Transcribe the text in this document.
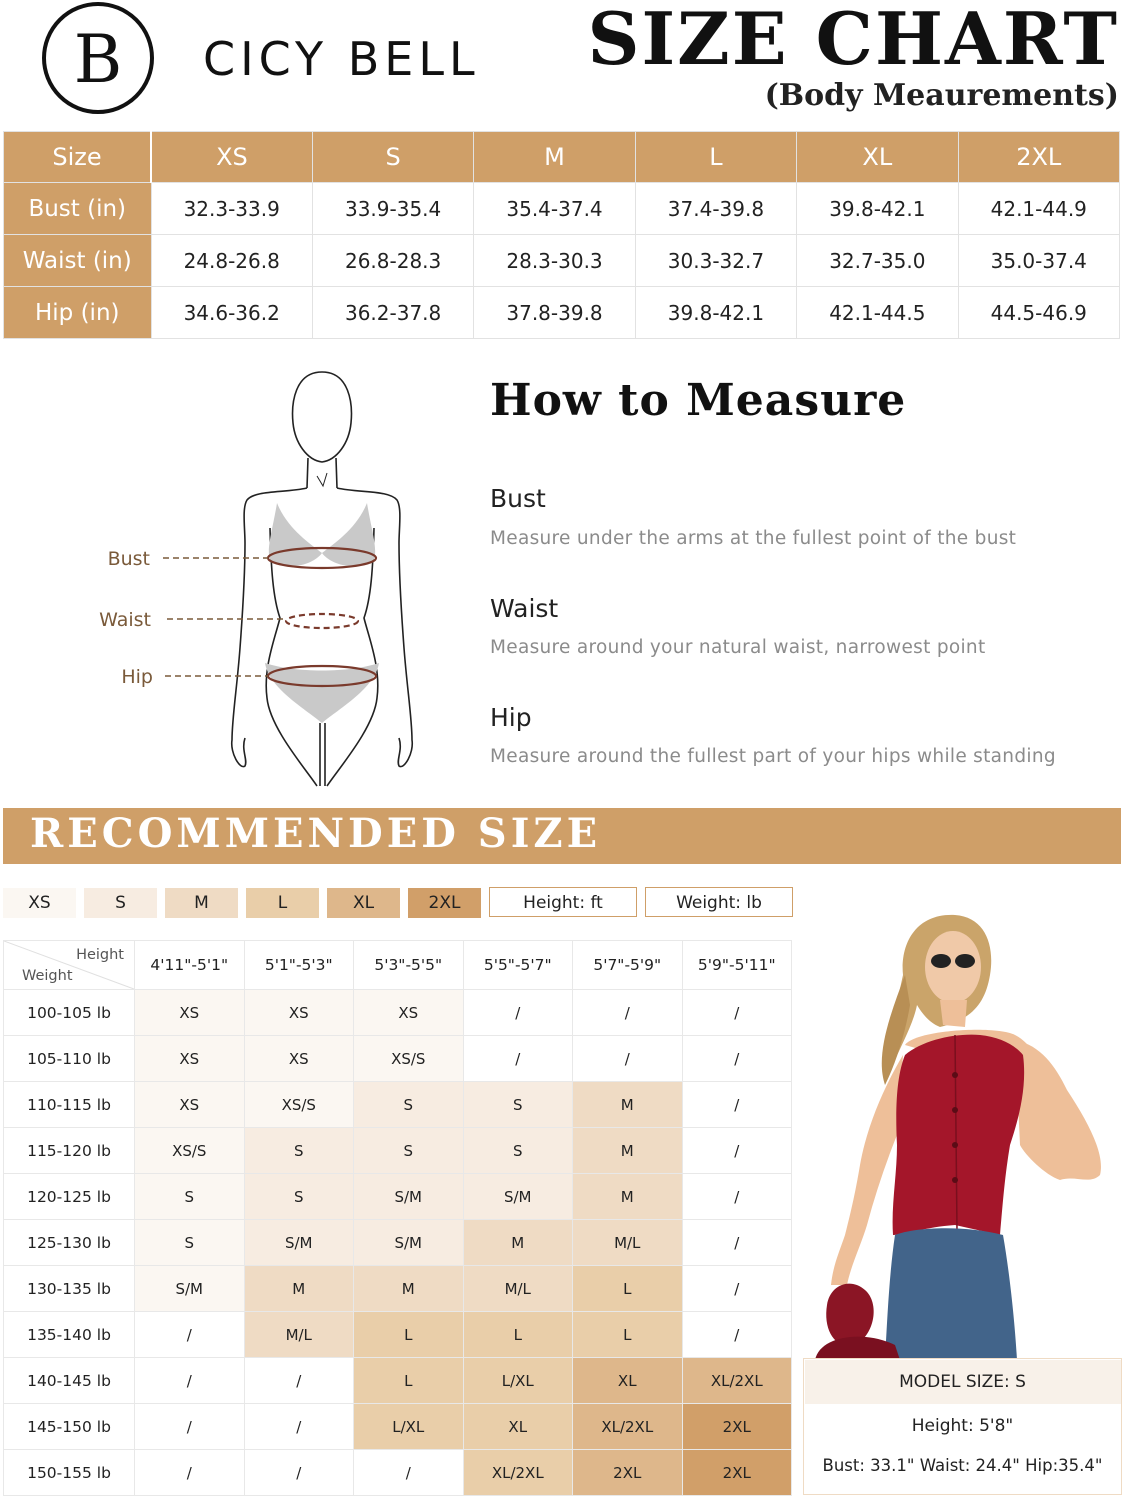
B CICY BELL SIZE CHART
(Body Meaurements)
Size	XS	S	M	L	XL	2XL
Bust (in)	32.3-33.9	33.9-35.4	35.4-37.4	37.4-39.8	39.8-42.1	42.1-44.9
Waist (in)	24.8-26.8	26.8-28.3	28.3-30.3	30.3-32.7	32.7-35.0	35.0-37.4
Hip (in)	34.6-36.2	36.2-37.8	37.8-39.8	39.8-42.1	42.1-44.5	44.5-46.9
Bust
Waist
Hip
How to Measure
Bust
Measure under the arms at the fullest point of the bust
Waist
Measure around your natural waist, narrowest point
Hip
Measure around the fullest part of your hips while standing
RECOMMENDED SIZE
XS	S	M	L	XL	2XL	Height: ft	Weight: lb
Height
Weight	4'11"-5'1"	5'1"-5'3"	5'3"-5'5"	5'5"-5'7"	5'7"-5'9"	5'9"-5'11"
100-105 lb	XS	XS	XS	/	/	/
105-110 lb	XS	XS	XS/S	/	/	/
110-115 lb	XS	XS/S	S	S	M	/
115-120 lb	XS/S	S	S	S	M	/
120-125 lb	S	S	S/M	S/M	M	/
125-130 lb	S	S/M	S/M	M	M/L	/
130-135 lb	S/M	M	M	M/L	L	/
135-140 lb	/	M/L	L	L	L	/
140-145 lb	/	/	L	L/XL	XL	XL/2XL
145-150 lb	/	/	L/XL	XL	XL/2XL	2XL
150-155 lb	/	/	/	XL/2XL	2XL	2XL
MODEL SIZE: S
Height: 5'8"
Bust: 33.1" Waist: 24.4" Hip:35.4"
